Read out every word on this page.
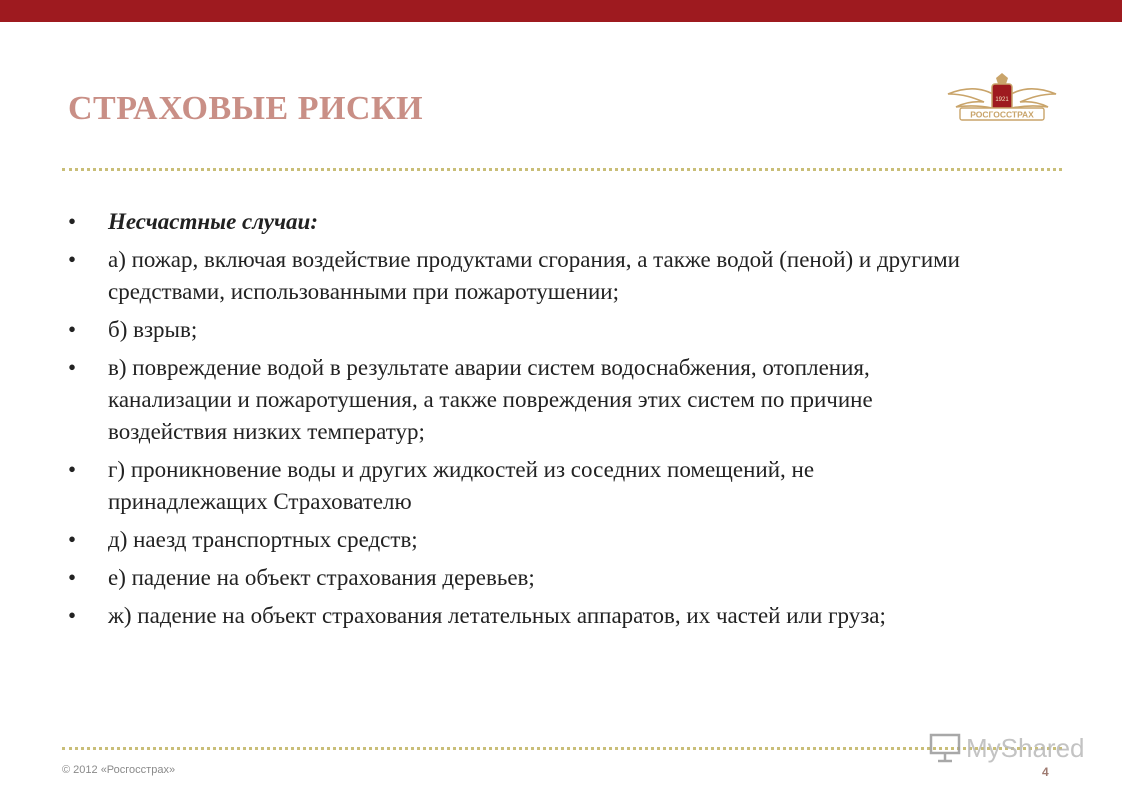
СТРАХОВЫЕ РИСКИ	1921
РОСГОССТРАХ
•	Несчастные случаи:
•	а) пожар, включая воздействие продуктами сгорания, а также водой (пеной) и другими средствами, использованными при пожаротушении;
•	б) взрыв;
•	в) повреждение водой в результате аварии систем водоснабжения, отопления, канализации и пожаротушения, а также повреждения этих систем по причине воздействия низких температур;
•	г) проникновение воды и других жидкостей из соседних помещений, не принадлежащих Страхователю
•	д) наезд транспортных средств;
•	е) падение на объект страхования деревьев;
•	ж) падение на объект страхования летательных аппаратов, их частей или груза;
MyShared
© 2012 «Росгосстрах»	4
